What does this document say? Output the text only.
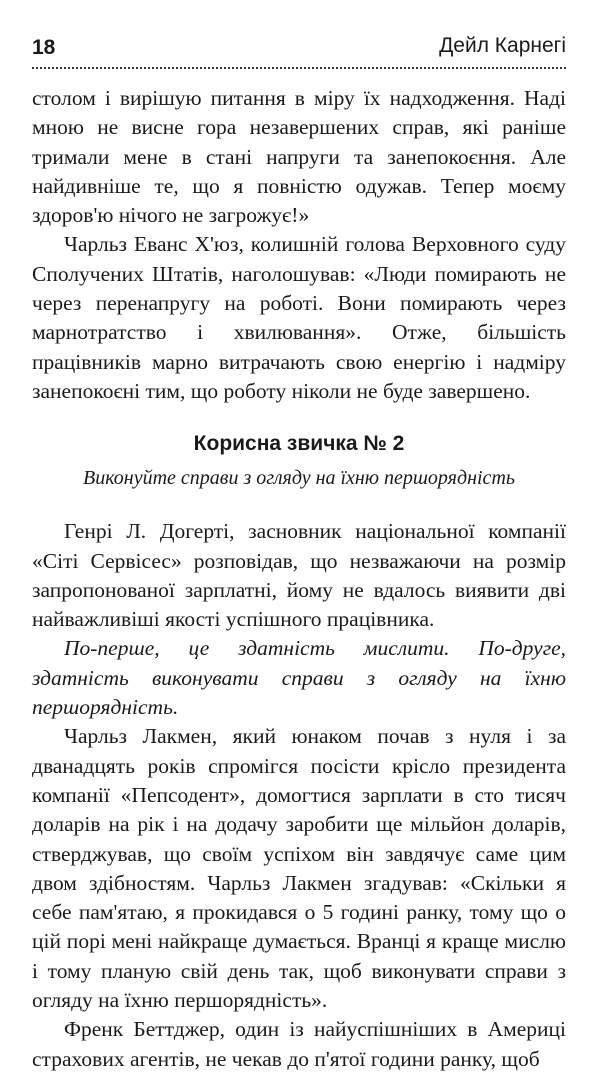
18	Дейл Карнегі

столом і вирішую питання в міру їх надходження. Наді мною не висне гора незавершених справ, які раніше тримали мене в стані напруги та занепокоєння. Але найдивніше те, що я повністю одужав. Тепер моєму здоров'ю нічого не загрожує!»

Чарльз Еванс Х'юз, колишній голова Верховного суду Сполучених Штатів, наголошував: «Люди помирають не через перенапругу на роботі. Вони помирають через марнотратство і хвилювання». Отже, більшість працівників марно витрачають свою енергію і надміру занепокоєні тим, що роботу ніколи не буде завершено.

Корисна звичка № 2
Виконуйте справи з огляду на їхню першорядність

Генрі Л. Догерті, засновник національної компанії «Сіті Сервісес» розповідав, що незважаючи на розмір запропонованої зарплатні, йому не вдалось виявити дві найважливіші якості успішного працівника.

По-перше, це здатність мислити. По-друге, здатність виконувати справи з огляду на їхню першорядність.

Чарльз Лакмен, який юнаком почав з нуля і за дванадцять років спромігся посісти крісло президента компанії «Пепсодент», домогтися зарплати в сто тисяч доларів на рік і на додачу заробити ще мільйон доларів, стверджував, що своїм успіхом він завдячує саме цим двом здібностям. Чарльз Лакмен згадував: «Скільки я себе пам'ятаю, я прокидався о 5 годині ранку, тому що о цій порі мені найкраще думається. Вранці я краще мислю і тому планую свій день так, щоб виконувати справи з огляду на їхню першорядність».

Френк Беттджер, один із найуспішніших в Америці страхових агентів, не чекав до п'ятої години ранку, щоб
